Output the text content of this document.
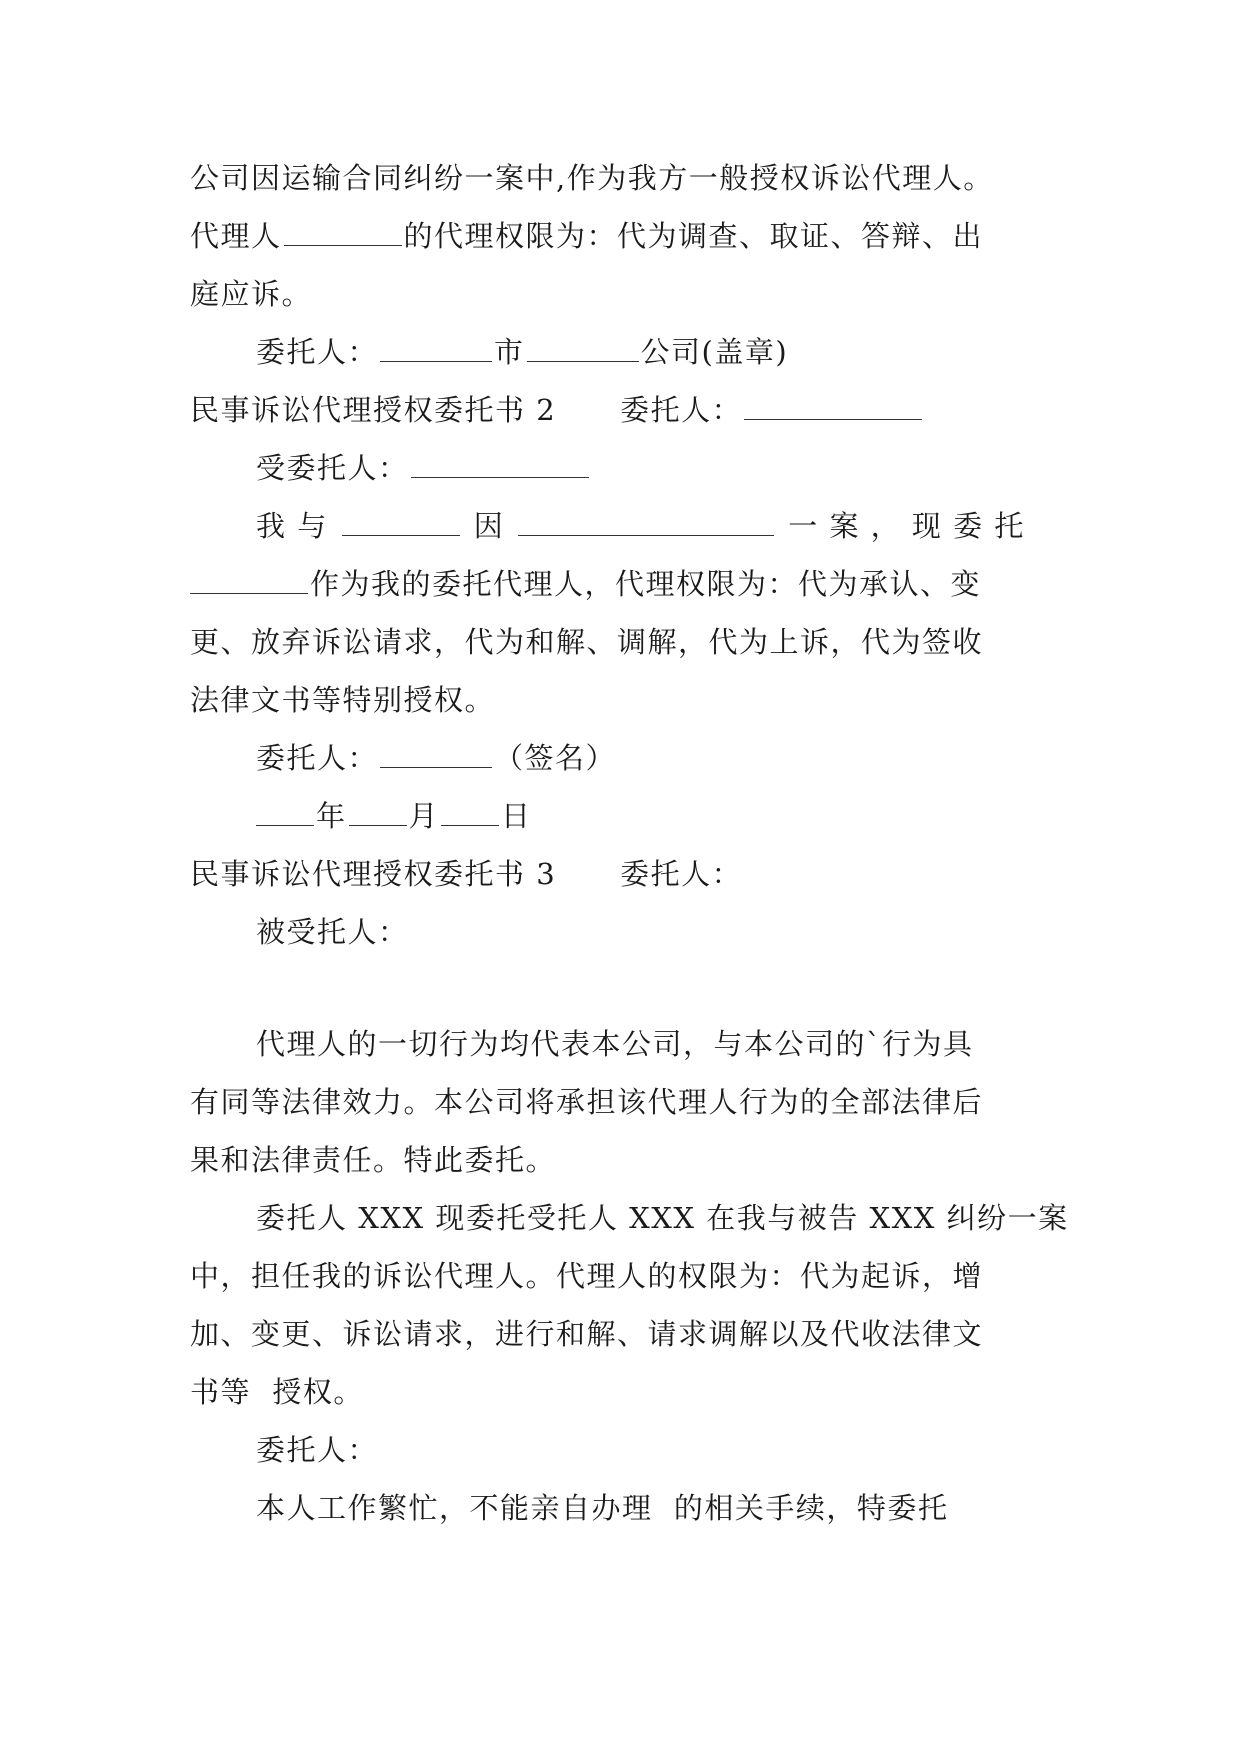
公司因运输合同纠纷一案中,作为我方一般授权诉讼代理人。
代理人	的代理权限为：代为调查、取证、答辩、出
庭应诉。
委托人：	市	公司(盖章)
民事诉讼代理授权委托书 2 委托人：
受委托人：
我 与	因	一 案 ， 现 委 托
作为我的委托代理人，代理权限为：代为承认、变
更、放弃诉讼请求，代为和解、调解，代为上诉，代为签收
法律文书等特别授权。
委托人：	（签名）
年 月 日
民事诉讼代理授权委托书 3 委托人：
被受托人：
代理人的一切行为均代表本公司，与本公司的`行为具
有同等法律效力。本公司将承担该代理人行为的全部法律后
果和法律责任。特此委托。
委托人 XXX 现委托受托人 XXX 在我与被告 XXX 纠纷一案
中，担任我的诉讼代理人。代理人的权限为：代为起诉，增
加、变更、诉讼请求，进行和解、请求调解以及代收法律文
书等  授权。
委托人：
本人工作繁忙，不能亲自办理  的相关手续，特委托
